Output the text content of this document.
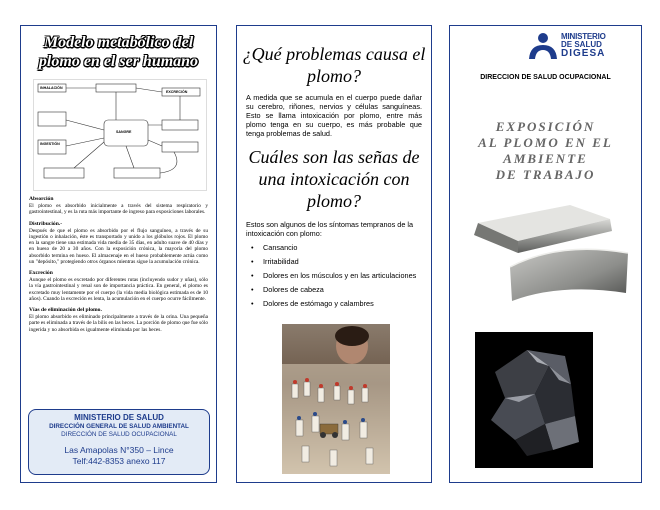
Modelo metabólico del plomo en el ser humano
INHALACIÓN
EXCRECIÓN
INGESTIÓN
SANGRE
Absorción

El plomo es absorbido inicialmente a través del sistema respiratorio y gastrointestinal, y es la ruta más importante de ingreso para exposiciones laborales.

Distribución.-

Después de que el plomo es absorbido por el flujo sanguíneo, a través de su ingestión o inhalación, éste es transportado y unido a los glóbulos rojos. El plomo en la sangre tiene una estimada vida media de 35 días, en adulto suave de 40 días y en hueso de 20 a 30 años. Con la exposición crónica, la mayoría del plomo absorbido termina en hueso. El almacenaje en el hueso probablemente actúa como un "depósito," protegiendo otros órganos mientras sigue la acumulación crónica.

Excreción

Aunque el plomo es excretado por diferentes rutas (incluyendo sudor y uñas), sólo la vía gastrointestinal y renal son de importancia práctica. En general, el plomo es excretado muy lentamente por el cuerpo (la vida media biológica estimada es de 10 años). Cuando la excreción es lenta, la acumulación en el cuerpo ocurre fácilmente.

Vías de eliminación del plomo.

El plomo absorbido es eliminado principalmente a través de la orina. Una pequeña parte es eliminada a través de la bilis en las heces. La porción de plomo que fue sólo ingerida y no absorbida es igualmente eliminada por las heces.

MINISTERIO DE SALUD
DIRECCIÓN GENERAL DE SALUD AMBIENTAL
DIRECCIÓN DE SALUD OCUPACIONAL
Las Amapolas N°350 – Lince
Telf:442-8353 anexo 117
¿Qué problemas causa el plomo?
A medida que se acumula en el cuerpo puede dañar su cerebro, riñones, nervios y células sanguíneas. Esto se llama intoxicación por plomo, entre más plomo tenga en su cuerpo, es más probable que tenga problemas de salud.
Cuáles son las señas de una intoxicación con plomo?
Estos son algunos de los síntomas tempranos de la intoxicación con plomo:
• Cansancio
• Irritabilidad
• Dolores en los músculos y en las articulaciones
• Dolores de cabeza
• Dolores de estómago y calambres
MINISTERIO
DE SALUD
DIGESA
DIRECCION DE SALUD OCUPACIONAL
EXPOSICIÓN
AL PLOMO EN EL
AMBIENTE
DE TRABAJO
